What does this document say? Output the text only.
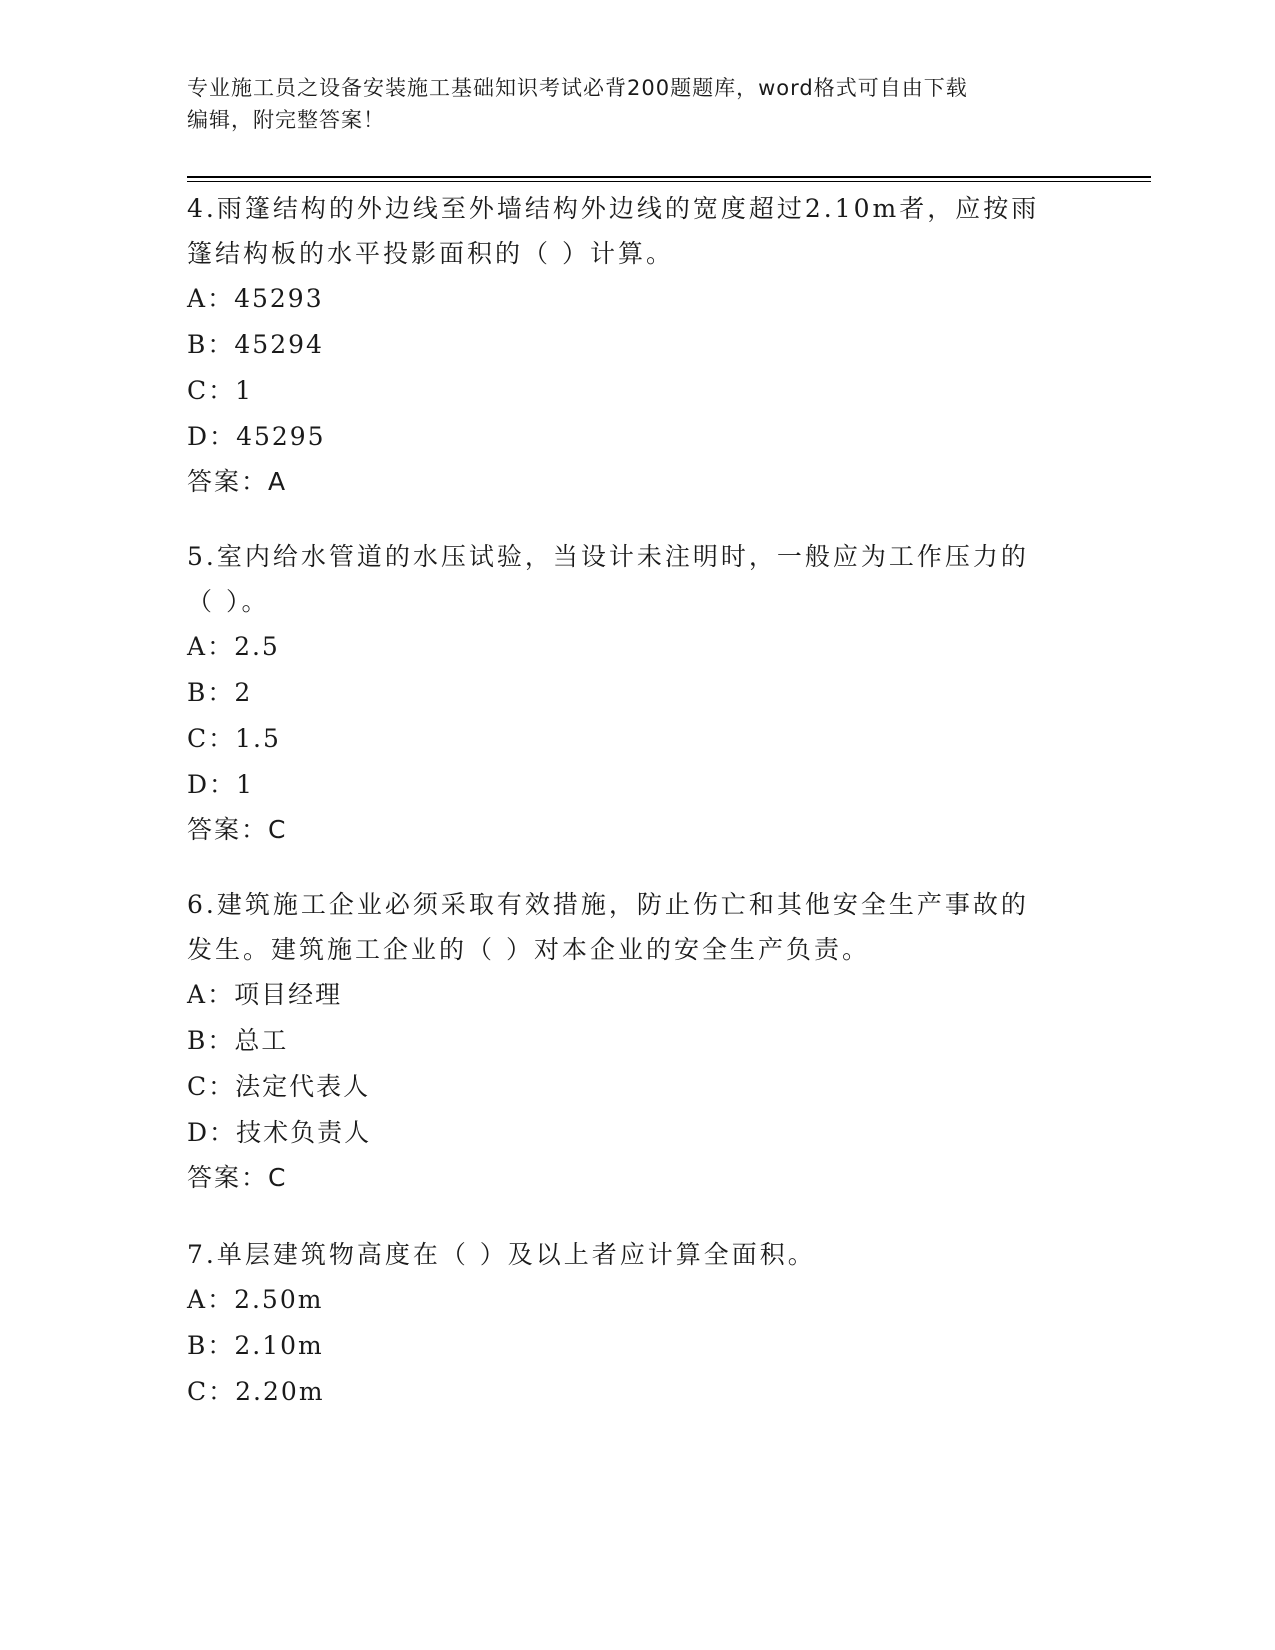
专业施工员之设备安装施工基础知识考试必背200题题库，word格式可自由下载
编辑，附完整答案！

4.雨篷结构的外边线至外墙结构外边线的宽度超过2.10m者，应按雨

篷结构板的水平投影面积的（ ）计算。

A：45293

B：45294

C：1

D：45295

答案：A

5.室内给水管道的水压试验，当设计未注明时，一般应为工作压力的

（ ）。

A：2.5

B：2

C：1.5

D：1

答案：C

6.建筑施工企业必须采取有效措施，防止伤亡和其他安全生产事故的

发生。建筑施工企业的（ ）对本企业的安全生产负责。

A：项目经理

B：总工

C：法定代表人

D：技术负责人

答案：C

7.单层建筑物高度在（ ）及以上者应计算全面积。

A：2.50m

B：2.10m

C：2.20m
